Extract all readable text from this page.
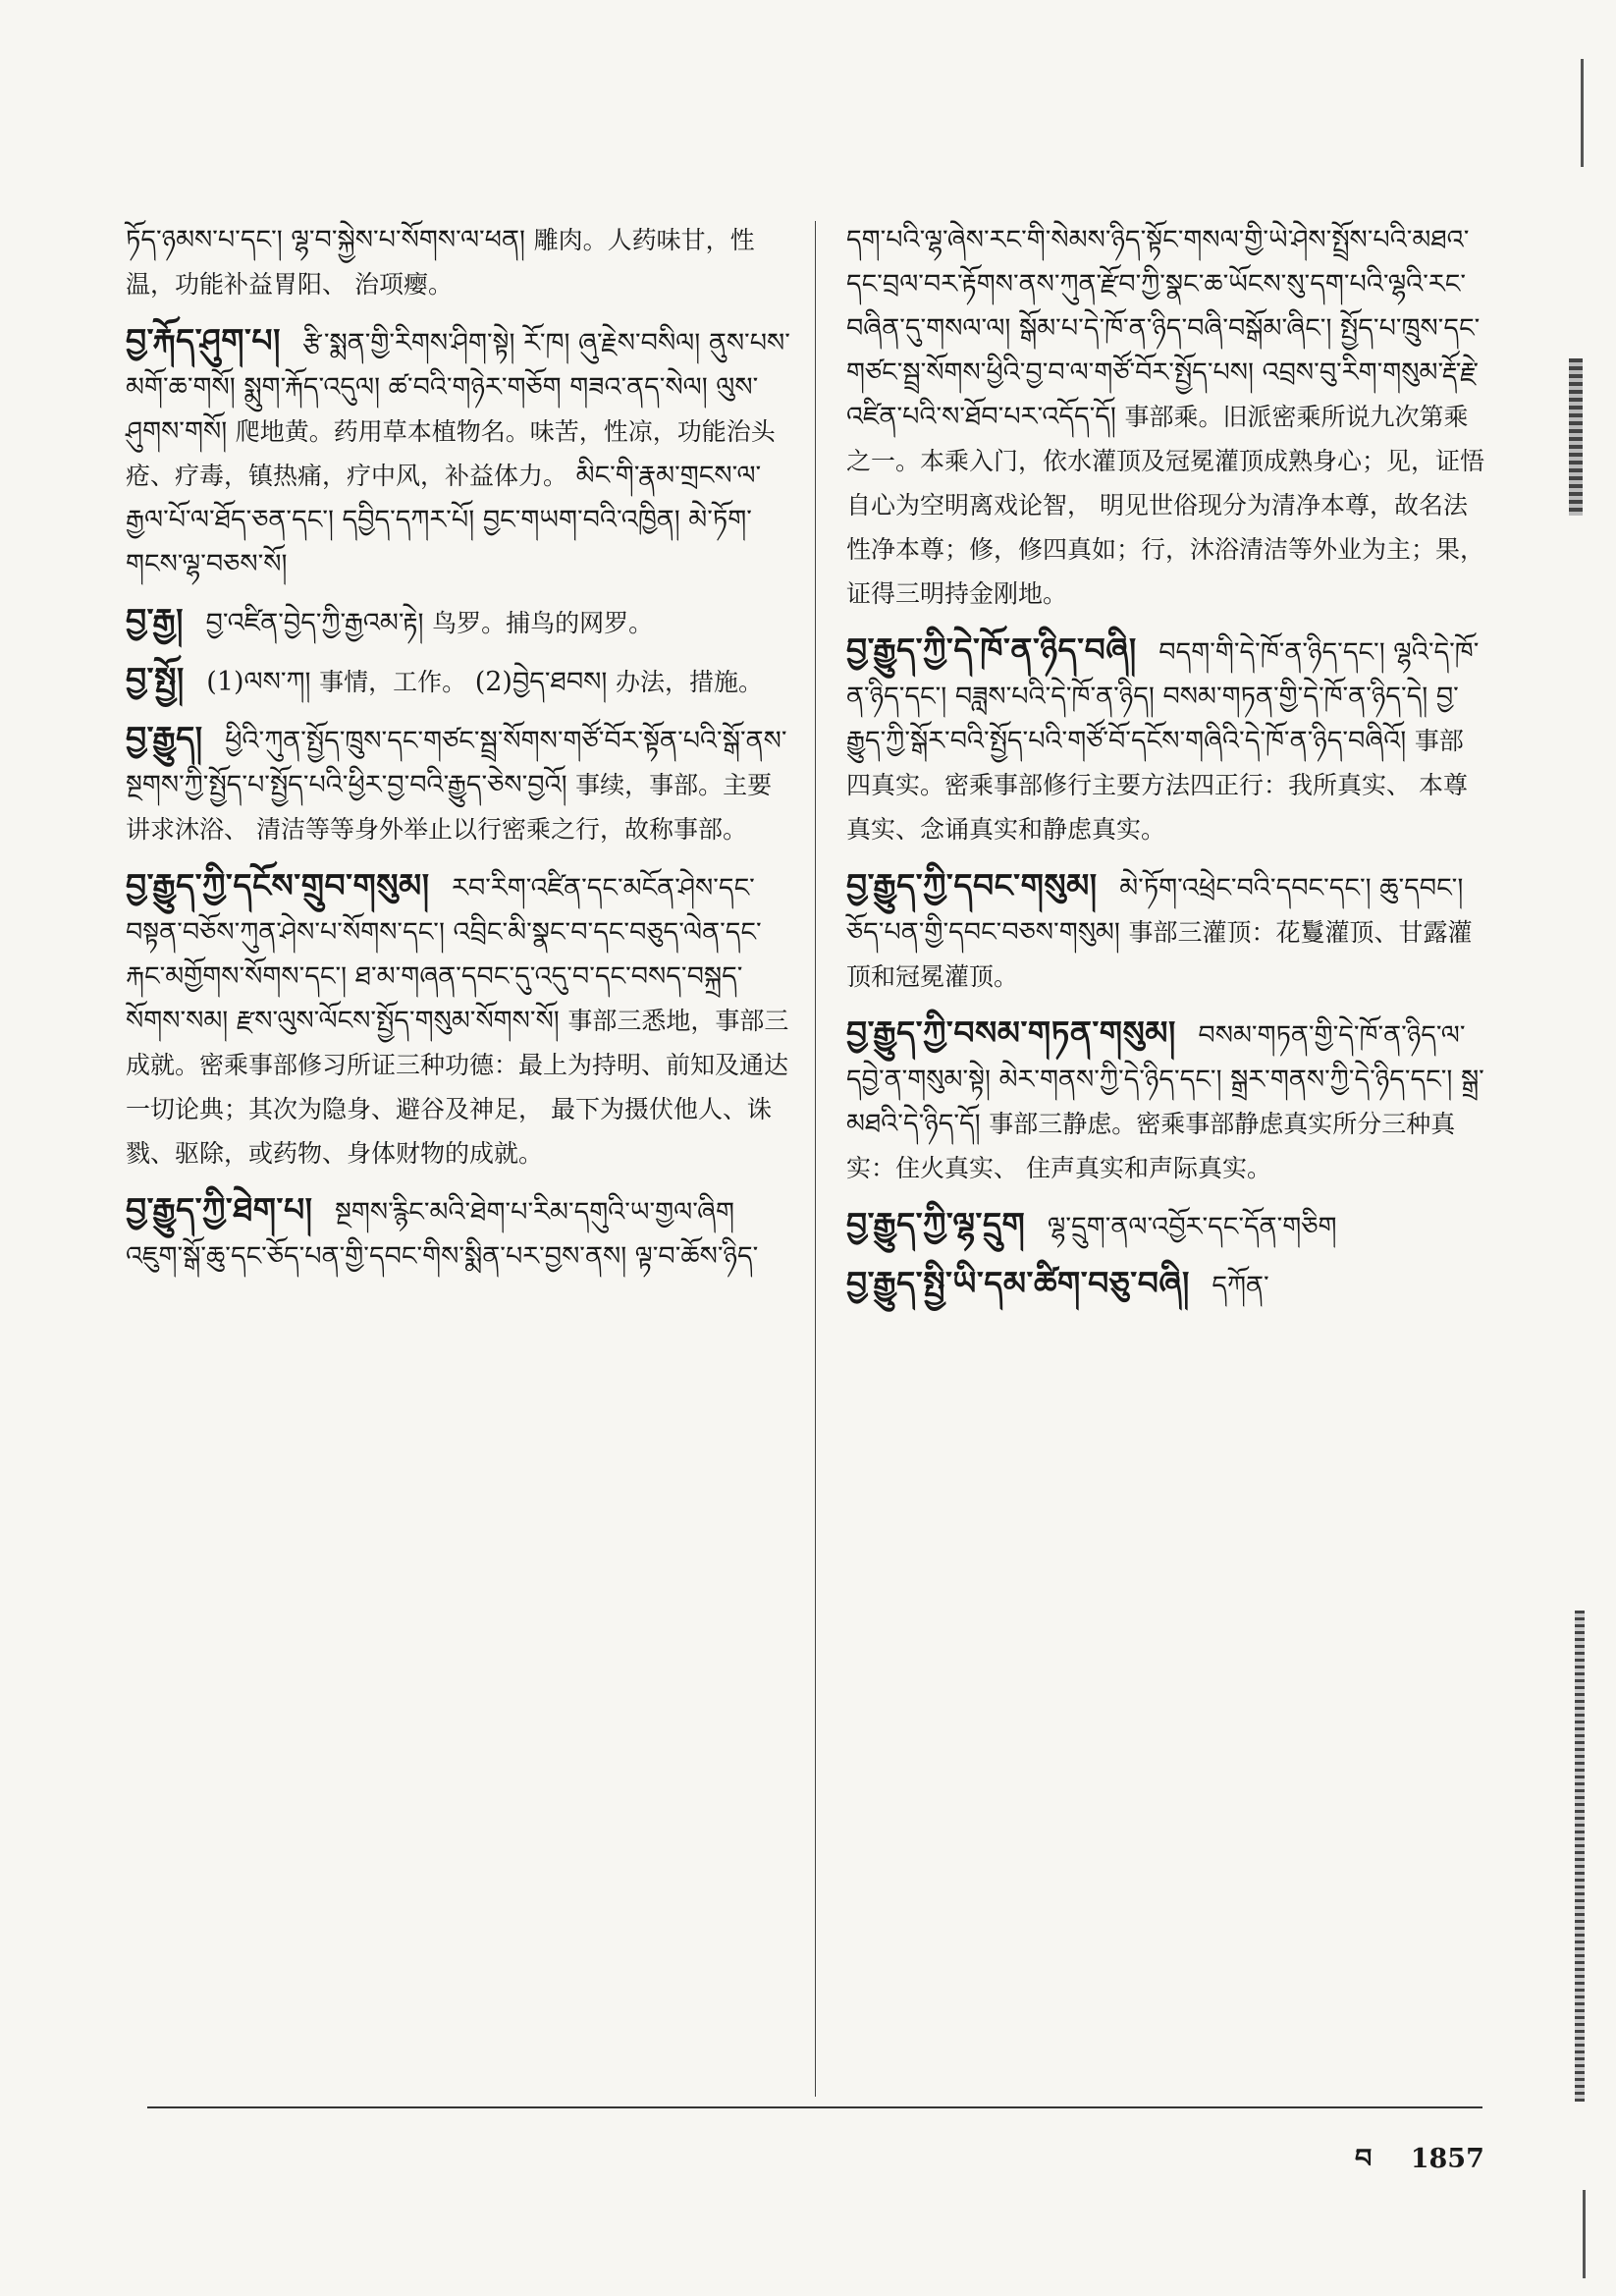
ཏོད་ཉམས་པ་དང་། ལྷ་བ་སྐྱེས་པ་སོགས་ལ་ཕན། 雕肉。人药味甘，性温，功能补益胃阳、 治项瘿。
བྱ་རྐོད་ཤུག་པ། རྩི་སྨན་གྱི་རིགས་ཤིག་སྟེ། རོ་ཁ། ཞུ་རྗེས་བསིལ། ནུས་པས་མགོ་ཆ་གསོ། སྨུག་རྐོད་འདུལ། ཚ་བའི་གཉེར་གཅོག གཟའ་ནད་སེལ། ལུས་ཤུགས་གསོ། 爬地黄。药用草本植物名。味苦，性凉，功能治头疮、疗毒，镇热痛，疗中风，补益体力。 མིང་གི་རྣམ་གྲངས་ལ་རྒྱལ་པོ་ལ་ཐོད་ཅན་དང་། དབྱིད་དཀར་པོ། བྱང་གཡག་བའི་འཁྱིན། མེ་ཏོག་གངས་ལྷ་བཅས་སོ།
བྱ་རྒྱ། བྱ་འཛིན་བྱེད་ཀྱི་རྒྱའམ་རྟེ། 鸟罗。捕鸟的网罗。
བྱ་སྤྱོ། (1)ལས་ཀ། 事情，工作。 (2)བྱེད་ཐབས། 办法，措施。
བྱ་རྒྱུད། ཕྱིའི་ཀུན་སྤྱོད་ཁྲུས་དང་གཙང་སྦྲ་སོགས་གཙོ་བོར་སྟོན་པའི་སྒོ་ནས་སྔགས་ཀྱི་སྤྱོད་པ་སྤྱོད་པའི་ཕྱིར་བྱ་བའི་རྒྱུད་ཅེས་བྱའོ། 事续，事部。主要讲求沐浴、 清洁等等身外举止以行密乘之行，故称事部。
བྱ་རྒྱུད་ཀྱི་དངོས་གྲུབ་གསུམ། རབ་རིག་འཛིན་དང་མངོན་ཤེས་དང་བསྟན་བཅོས་ཀུན་ཤེས་པ་སོགས་དང་། འབྲིང་མི་སྣང་བ་དང་བཅུད་ལེན་དང་རྐང་མགྱོགས་སོགས་དང་། ཐ་མ་གཞན་དབང་དུ་འདུ་བ་དང་བསད་བསྐྲད་སོགས་སམ། རྫས་ལུས་ལོངས་སྤྱོད་གསུམ་སོགས་སོ། 事部三悉地，事部三成就。密乘事部修习所证三种功德：最上为持明、前知及通达一切论典；其次为隐身、避谷及神足， 最下为摄伏他人、诛戮、驱除，或药物、身体财物的成就。
བྱ་རྒྱུད་ཀྱི་ཐེག་པ། སྔགས་རྙིང་མའི་ཐེག་པ་རིམ་དགུའི་ཡ་གྱལ་ཞིག འཇུག་སྒོ་ཆུ་དང་ཅོད་པན་གྱི་དབང་གིས་སྨིན་པར་བྱས་ནས། ལྟ་བ་ཆོས་ཉིད་
དག་པའི་ལྷ་ཞེས་རང་གི་སེམས་ཉིད་སྟོང་གསལ་གྱི་ཡེ་ཤེས་སྤྲོས་པའི་མཐའ་དང་བྲལ་བར་རྟོགས་ནས་ཀུན་རྫོབ་ཀྱི་སྣང་ཆ་ཡོངས་སུ་དག་པའི་ལྷའི་རང་བཞིན་དུ་གསལ་ལ། སྒོམ་པ་དེ་ཁོ་ན་ཉིད་བཞི་བསྒོམ་ཞིང་། སྤྱོད་པ་ཁྲུས་དང་གཙང་སྦྲ་སོགས་ཕྱིའི་བྱ་བ་ལ་གཙོ་བོར་སྤྱོད་པས། འབྲས་བུ་རིག་གསུམ་རྡོ་རྗེ་འཛིན་པའི་ས་ཐོབ་པར་འདོད་དོ། 事部乘。旧派密乘所说九次第乘之一。本乘入门，依水灌顶及冠冕灌顶成熟身心；见，证悟自心为空明离戏论智， 明见世俗现分为清净本尊，故名法性净本尊；修，修四真如；行，沐浴清洁等外业为主；果， 证得三明持金刚地。
བྱ་རྒྱུད་ཀྱི་དེ་ཁོ་ན་ཉིད་བཞི། བདག་གི་དེ་ཁོ་ན་ཉིད་དང་། ལྷའི་དེ་ཁོ་ན་ཉིད་དང་། བཟླས་པའི་དེ་ཁོ་ན་ཉིད། བསམ་གཏན་གྱི་དེ་ཁོ་ན་ཉིད་དེ། བྱ་རྒྱུད་ཀྱི་སྒོར་བའི་སྤྱོད་པའི་གཙོ་བོ་དངོས་གཞིའི་དེ་ཁོ་ན་ཉིད་བཞིའོ། 事部四真实。密乘事部修行主要方法四正行：我所真实、 本尊真实、念诵真实和静虑真实。
བྱ་རྒྱུད་ཀྱི་དབང་གསུམ། མེ་ཏོག་འཕྲེང་བའི་དབང་དང་། ཆུ་དབང་། ཅོད་པན་གྱི་དབང་བཅས་གསུམ། 事部三灌顶：花鬘灌顶、甘露灌顶和冠冕灌顶。
བྱ་རྒྱུད་ཀྱི་བསམ་གཏན་གསུམ། བསམ་གཏན་གྱི་དེ་ཁོ་ན་ཉིད་ལ་དབྱེ་ན་གསུམ་སྟེ། མེར་གནས་ཀྱི་དེ་ཉིད་དང་། སྒྲར་གནས་ཀྱི་དེ་ཉིད་དང་། སྒྲ་མཐའི་དེ་ཉིད་དོ། 事部三静虑。密乘事部静虑真实所分三种真实：住火真实、 住声真实和声际真实。
བྱ་རྒྱུད་ཀྱི་ལྷ་དྲུག ལྷ་དྲུག་ནལ་འབྱོར་དང་དོན་གཅིག
བྱ་རྒྱུད་སྤྱི་ཡི་དམ་ཚིག་བཅུ་བཞི། དཀོན་
བ 1857
